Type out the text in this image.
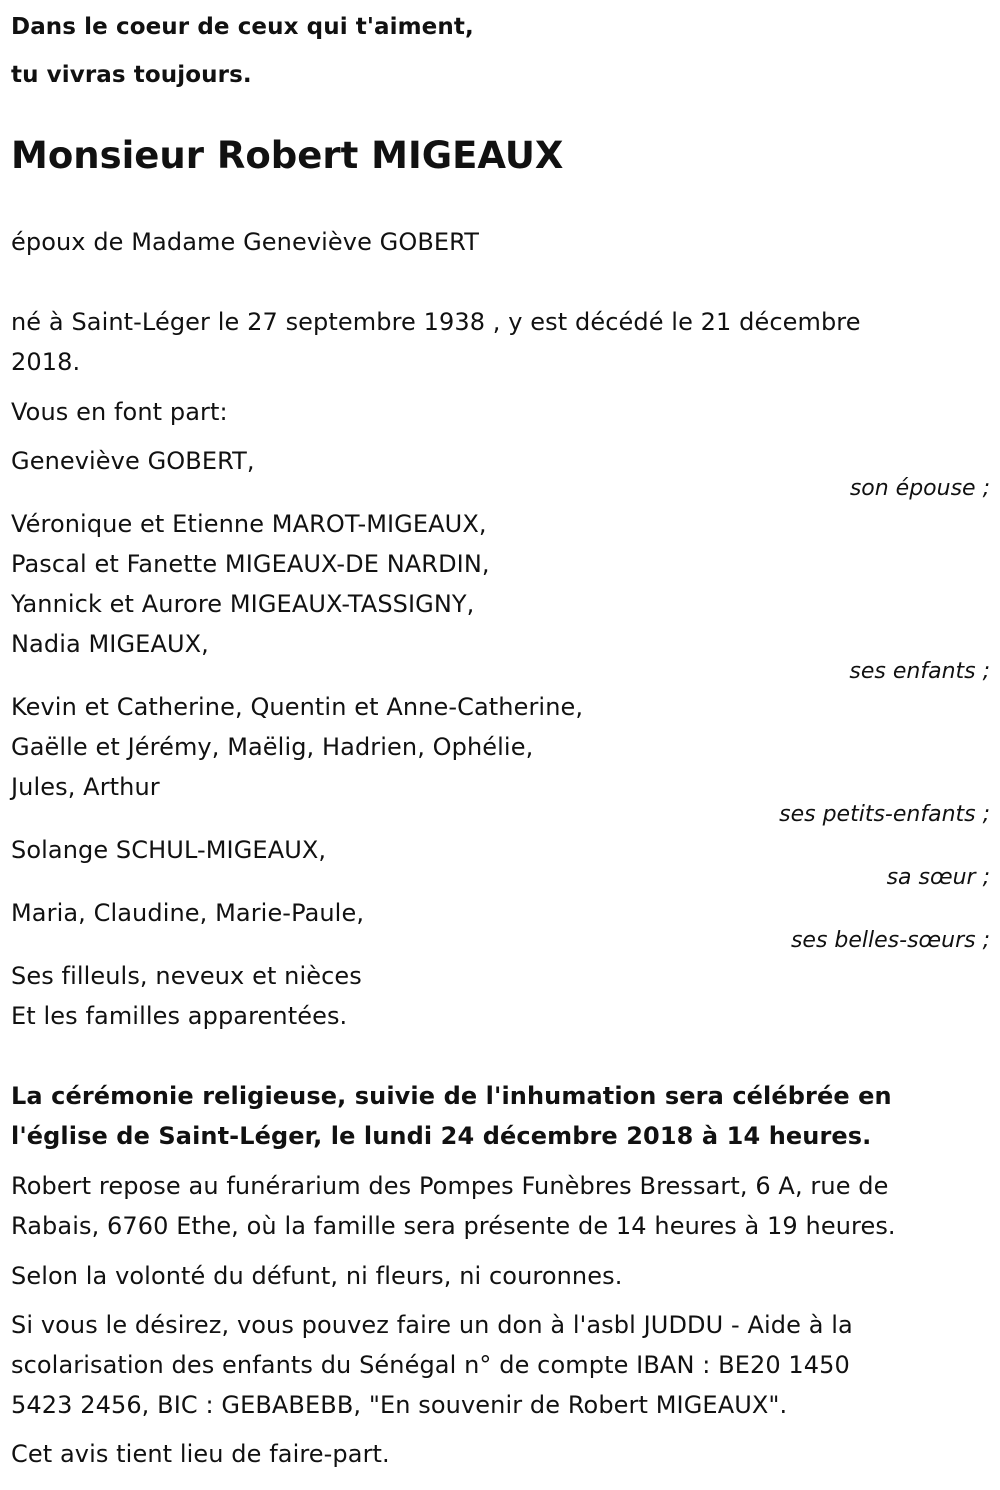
Dans le coeur de ceux qui t'aiment,
tu vivras toujours.
Monsieur Robert MIGEAUX
époux de Madame Geneviève GOBERT
né à Saint-Léger le 27 septembre 1938 , y est décédé le 21 décembre
2018.
Vous en font part:
Geneviève GOBERT,
son épouse ;
Véronique et Etienne MAROT-MIGEAUX,
Pascal et Fanette MIGEAUX-DE NARDIN,
Yannick et Aurore MIGEAUX-TASSIGNY,
Nadia MIGEAUX,
ses enfants ;
Kevin et Catherine, Quentin et Anne-Catherine,
Gaëlle et Jérémy, Maëlig, Hadrien, Ophélie,
Jules, Arthur
ses petits-enfants ;
Solange SCHUL-MIGEAUX,
sa sœur ;
Maria, Claudine, Marie-Paule,
ses belles-sœurs ;
Ses filleuls, neveux et nièces
Et les familles apparentées.
La cérémonie religieuse, suivie de l'inhumation sera célébrée en
l'église de Saint-Léger, le lundi 24 décembre 2018 à 14 heures.
Robert repose au funérarium des Pompes Funèbres Bressart, 6 A, rue de
Rabais, 6760 Ethe, où la famille sera présente de 14 heures à 19 heures.
Selon la volonté du défunt, ni fleurs, ni couronnes.
Si vous le désirez, vous pouvez faire un don à l'asbl JUDDU - Aide à la
scolarisation des enfants du Sénégal n° de compte IBAN : BE20 1450
5423 2456, BIC : GEBABEBB, "En souvenir de Robert MIGEAUX".
Cet avis tient lieu de faire-part.
